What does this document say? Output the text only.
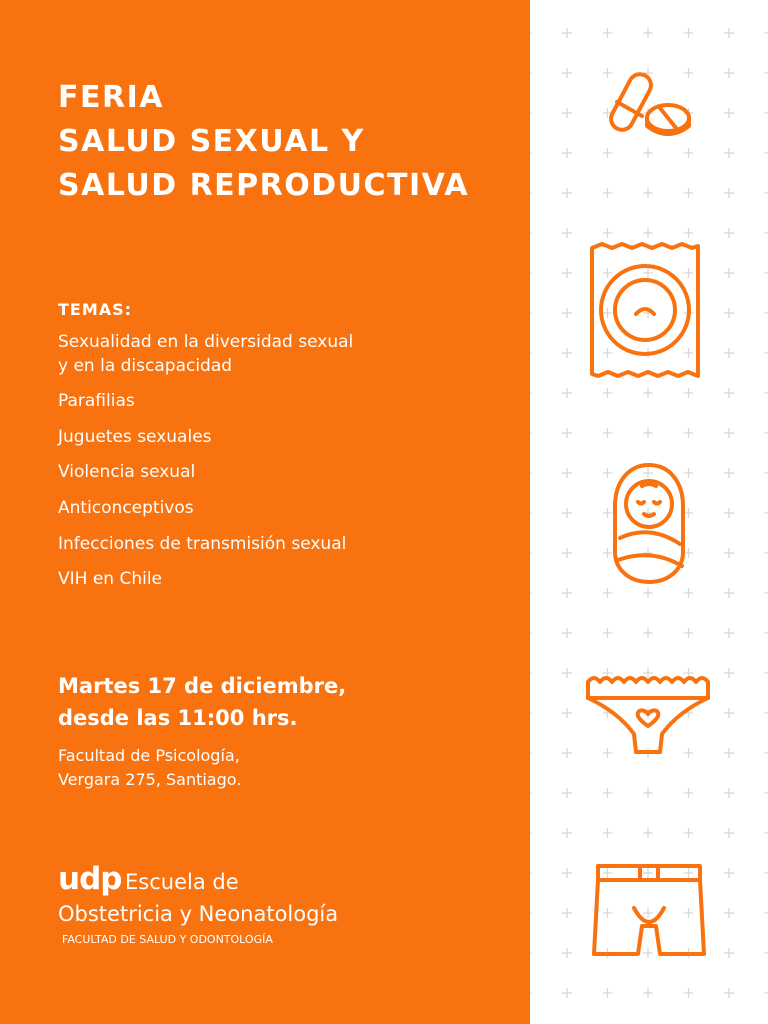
FERIA
SALUD SEXUAL Y
SALUD REPRODUCTIVA
TEMAS:
Sexualidad en la diversidad sexual
y en la discapacidad
Parafilias
Juguetes sexuales
Violencia sexual
Anticonceptivos
Infecciones de transmisión sexual
VIH en Chile
Martes 17 de diciembre,
desde las 11:00 hrs.
Facultad de Psicología,
Vergara 275, Santiago.
udp Escuela de
Obstetricia y Neonatología
FACULTAD DE SALUD Y ODONTOLOGÍA
